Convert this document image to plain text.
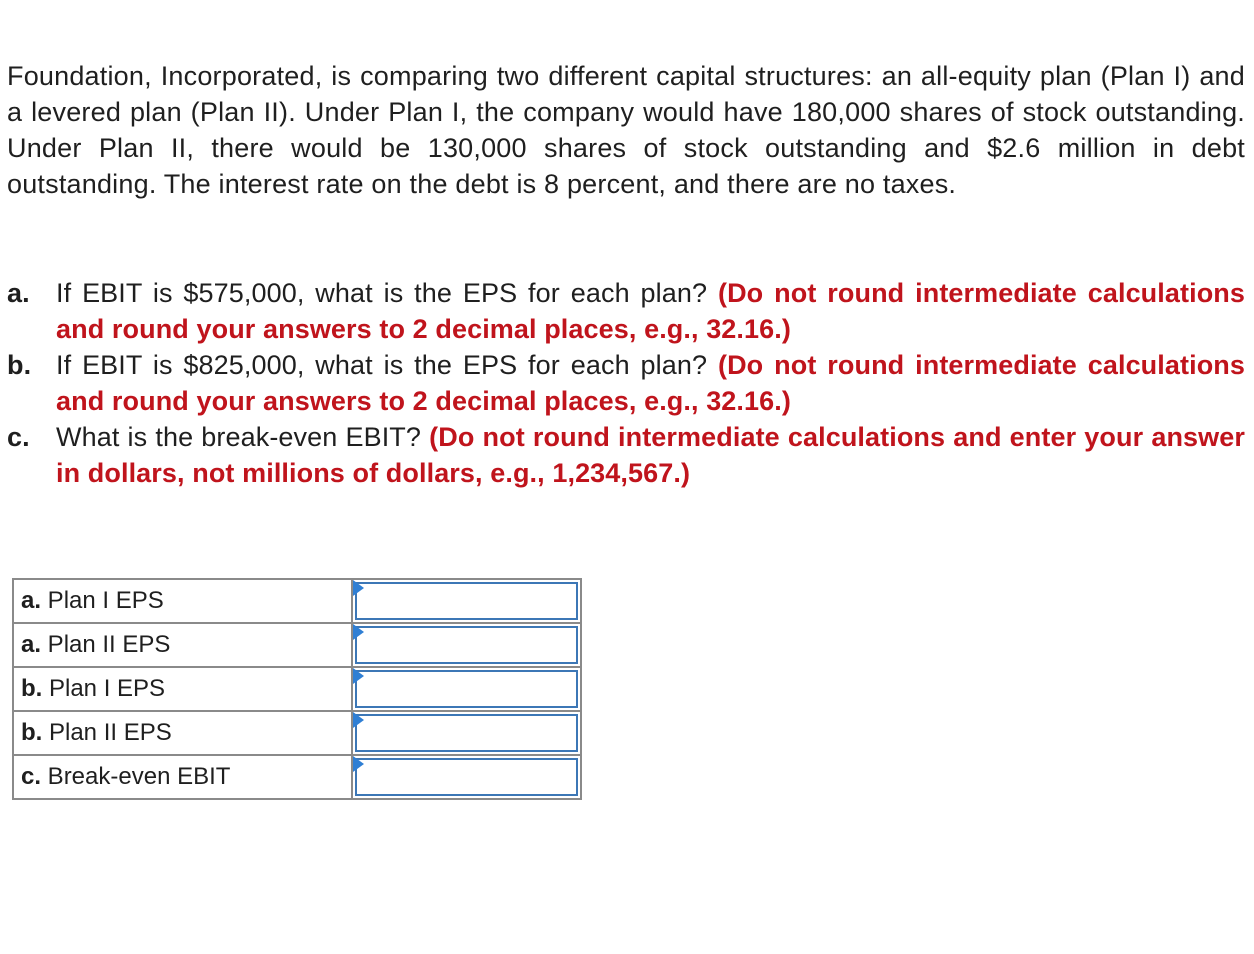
Foundation, Incorporated, is comparing two different capital structures: an all-equity plan (Plan I) and a levered plan (Plan II). Under Plan I, the company would have 180,000 shares of stock outstanding. Under Plan II, there would be 130,000 shares of stock outstanding and $2.6 million in debt outstanding. The interest rate on the debt is 8 percent, and there are no taxes.

a. If EBIT is $575,000, what is the EPS for each plan? (Do not round intermediate calculations and round your answers to 2 decimal places, e.g., 32.16.)
b. If EBIT is $825,000, what is the EPS for each plan? (Do not round intermediate calculations and round your answers to 2 decimal places, e.g., 32.16.)
c. What is the break-even EBIT? (Do not round intermediate calculations and enter your answer in dollars, not millions of dollars, e.g., 1,234,567.)
a. Plan I EPS	

a. Plan II EPS	

b. Plan I EPS	

b. Plan II EPS	

c. Break-even EBIT	
